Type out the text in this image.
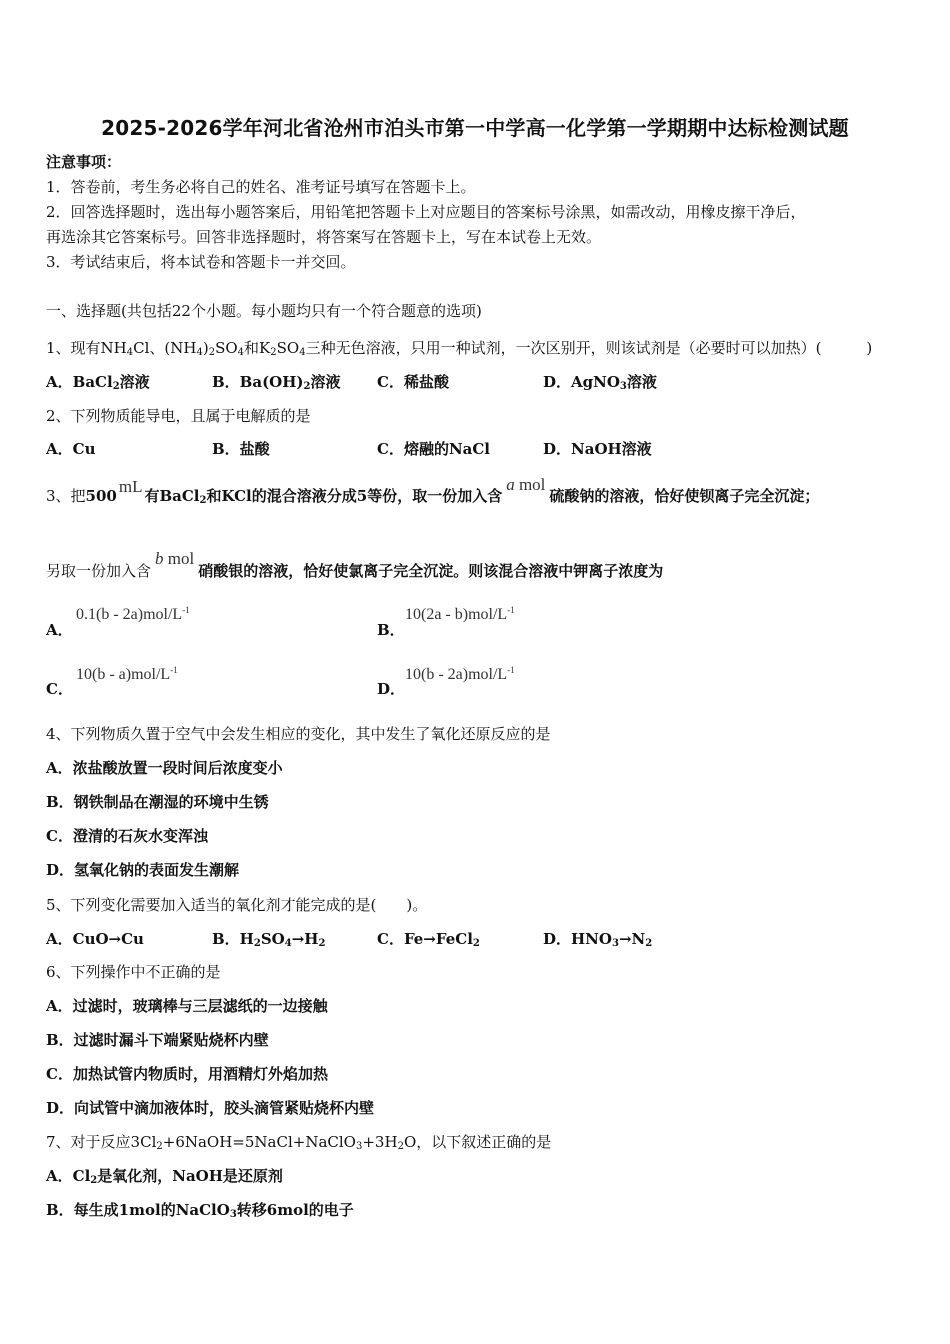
2025-2026学年河北省沧州市泊头市第一中学高一化学第一学期期中达标检测试题
注意事项：
1．答卷前，考生务必将自己的姓名、准考证号填写在答题卡上。
2．回答选择题时，选出每小题答案后，用铅笔把答题卡上对应题目的答案标号涂黑，如需改动，用橡皮擦干净后，
再选涂其它答案标号。回答非选择题时，将答案写在答题卡上，写在本试卷上无效。
3．考试结束后，将本试卷和答题卡一并交回。
一、选择题(共包括22个小题。每小题均只有一个符合题意的选项)
1、现有$NH_4Cl$、$(NH_4)_2SO_4$和$K_2SO_4$三种无色溶液，只用一种试剂，一次区别开，则该试剂是（必要时可以加热）(　　　)
A．BaCl$_2$溶液	B．$Ba(OH)_2$溶液 C．稀盐酸	D．AgNO$_3$溶液
2、下列物质能导电，且属于电解质的是
A．Cu	B．盐酸	C．熔融的NaCl	D．NaOH溶液
3、把500 mL 有BaCl$_2$和KCl的混合溶液分成5等份，取一份加入含a mol硫酸钠的溶液，恰好使钡离子完全沉淀；
另取一份加入含b mol硝酸银的溶液，恰好使氯离子完全沉淀。则该混合溶液中钾离子浓度为
A．
$0.1(b - 2a)mol/L^{-1}$
B．
$10(2a - b)mol/L^{-1}$
C．
$10(b - a)mol/L^{-1}$
D．
$10(b - 2a)mol/L^{-1}$
4、下列物质久置于空气中会发生相应的变化，其中发生了氧化还原反应的是
A．浓盐酸放置一段时间后浓度变小
B．钢铁制品在潮湿的环境中生锈
C．澄清的石灰水变浑浊
D．氢氧化钠的表面发生潮解
5、下列变化需要加入适当的氧化剂才能完成的是(　　)。
A．CuO→Cu	B．$H_2SO_4\to H_2$	C．Fe→FeCl$_2$	D．$HNO_3\to N_2$
6、下列操作中不正确的是
A．过滤时，玻璃棒与三层滤纸的一边接触
B．过滤时漏斗下端紧贴烧杯内壁
C．加热试管内物质时，用酒精灯外焰加热
D．向试管中滴加液体时，胶头滴管紧贴烧杯内壁
7、对于反应$3Cl_2+6NaOH=5NaCl+NaClO_3+3H_2O$，以下叙述正确的是
A．$Cl_2$是氧化剂，NaOH是还原剂
B．每生成1mol的NaClO$_3$转移6mol的电子
